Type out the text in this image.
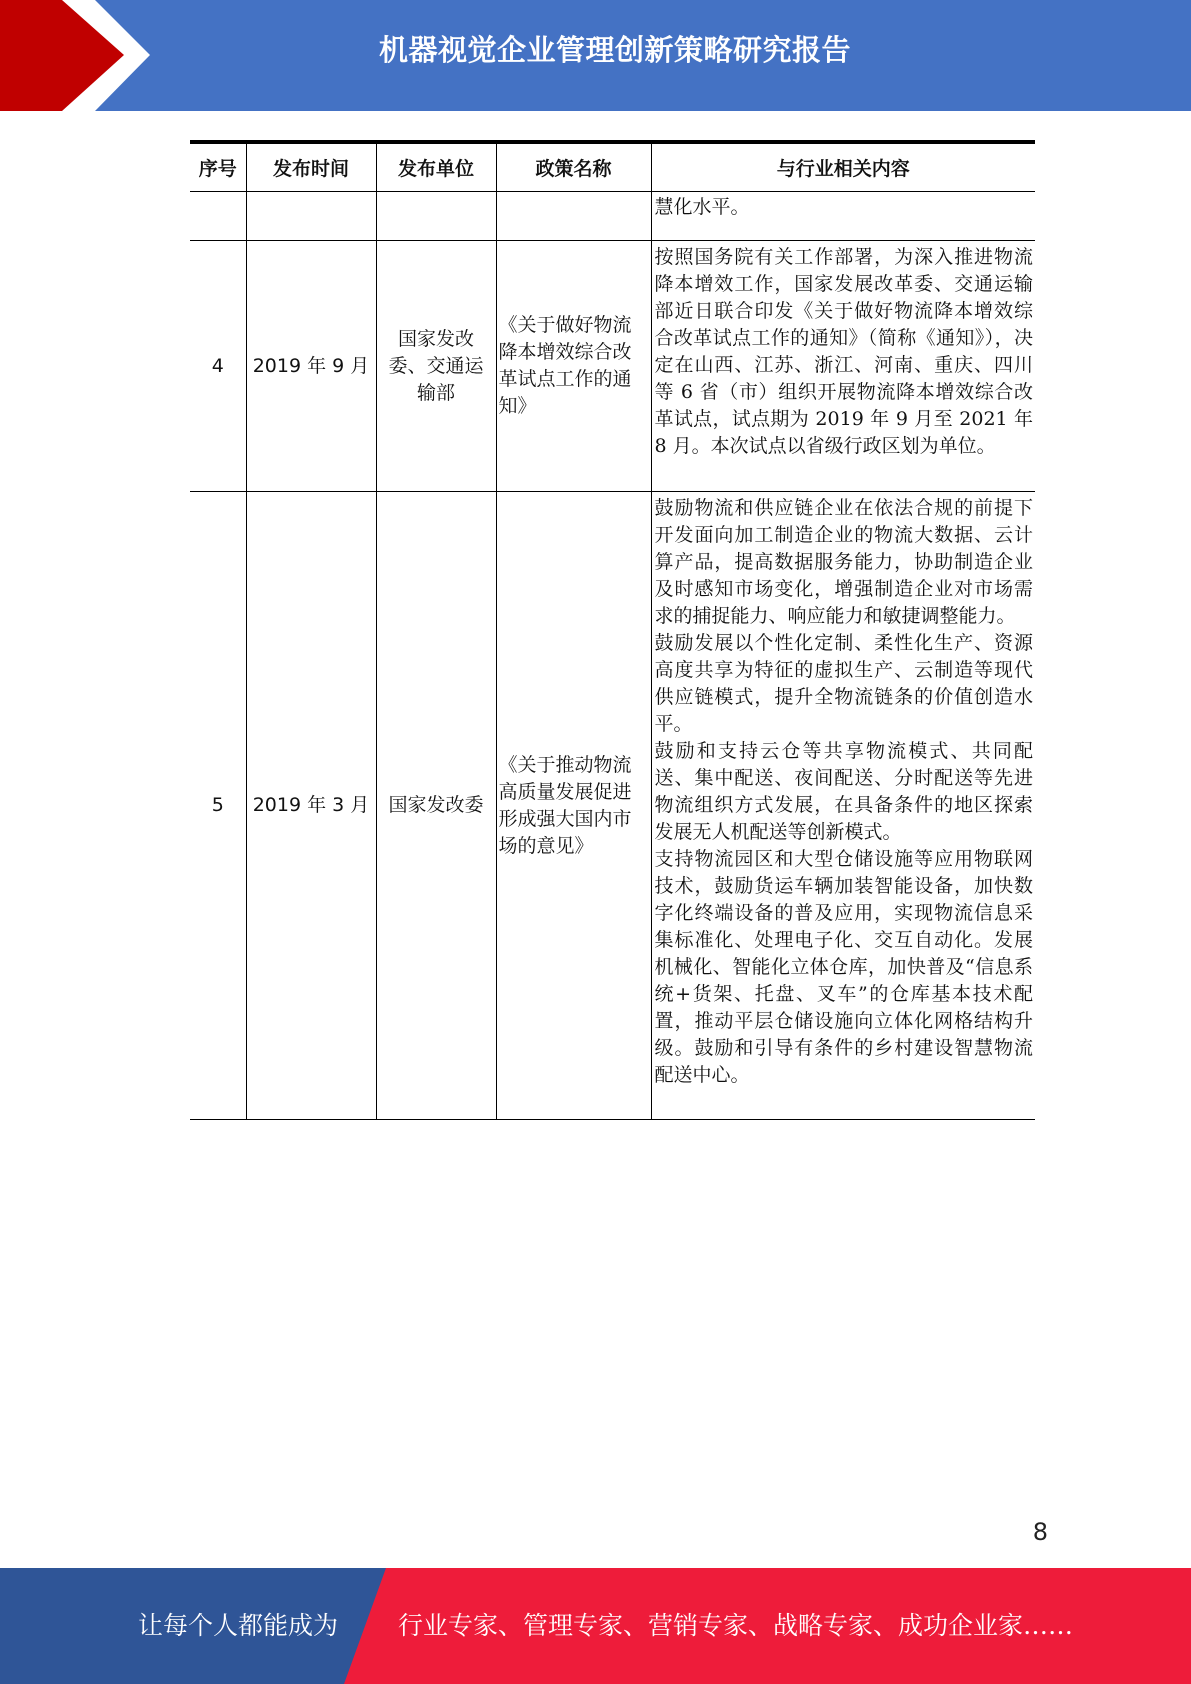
机器视觉企业管理创新策略研究报告
序号	发布时间	发布单位	政策名称	与行业相关内容
				慧化水平。
4	2019 年 9 月	国家发改委、交通运输部	《关于做好物流降本增效综合改革试点工作的通知》	按照国务院有关工作部署，为深入推进物流降本增效工作，国家发展改革委、交通运输部近日联合印发《关于做好物流降本增效综合改革试点工作的通知》（简称《通知》），决定在山西、江苏、浙江、河南、重庆、四川等 6 省（市）组织开展物流降本增效综合改革试点，试点期为 2019 年 9 月至 2021 年 8 月。本次试点以省级行政区划为单位。

5	2019 年 3 月	国家发改委	《关于推动物流高质量发展促进形成强大国内市场的意见》	鼓励物流和供应链企业在依法合规的前提下开发面向加工制造企业的物流大数据、云计算产品，提高数据服务能力，协助制造企业及时感知市场变化，增强制造企业对市场需求的捕捉能力、响应能力和敏捷调整能力。

鼓励发展以个性化定制、柔性化生产、资源高度共享为特征的虚拟生产、云制造等现代供应链模式，提升全物流链条的价值创造水平。

鼓励和支持云仓等共享物流模式、共同配送、集中配送、夜间配送、分时配送等先进物流组织方式发展，在具备条件的地区探索发展无人机配送等创新模式。

支持物流园区和大型仓储设施等应用物联网技术，鼓励货运车辆加装智能设备，加快数字化终端设备的普及应用，实现物流信息采集标准化、处理电子化、交互自动化。发展机械化、智能化立体仓库，加快普及“信息系统+货架、托盘、叉车”的仓库基本技术配置，推动平层仓储设施向立体化网格结构升级。鼓励和引导有条件的乡村建设智慧物流配送中心。

8
让每个人都能成为 行业专家、管理专家、营销专家、战略专家、成功企业家……
